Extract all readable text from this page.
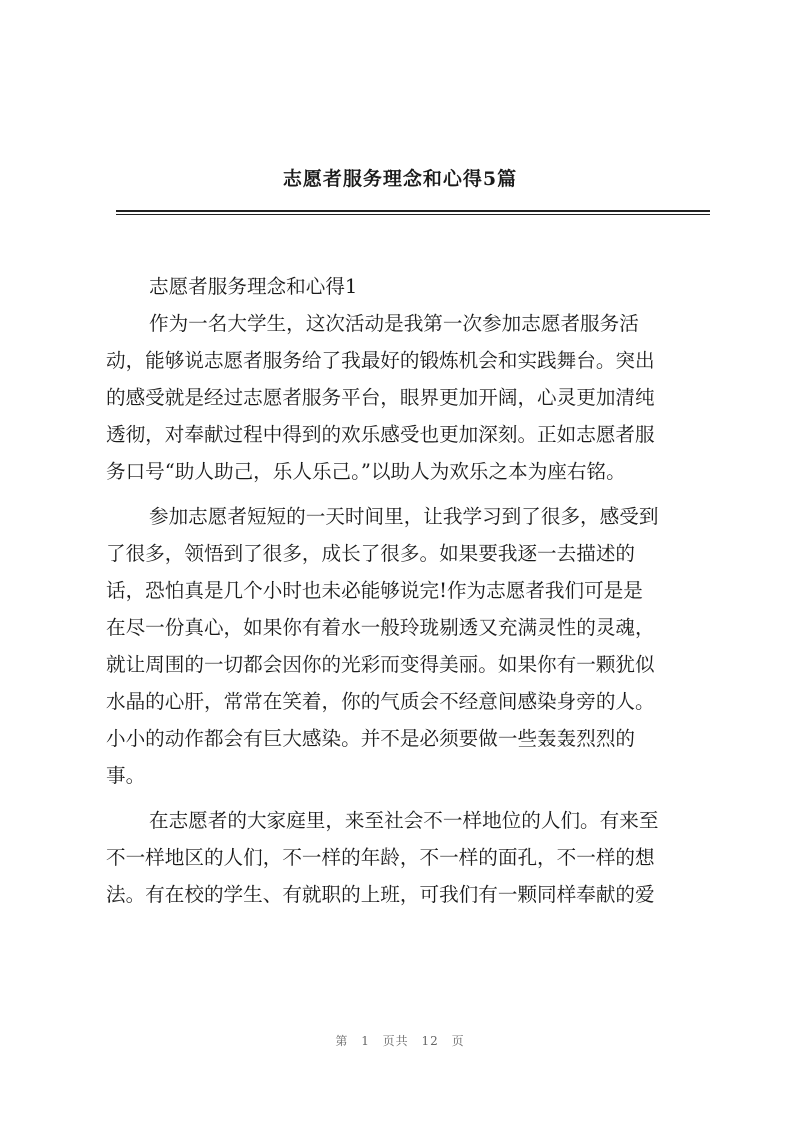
志愿者服务理念和心得5篇
志愿者服务理念和心得1
作为一名大学生，这次活动是我第一次参加志愿者服务活
动，能够说志愿者服务给了我最好的锻炼机会和实践舞台。突出
的感受就是经过志愿者服务平台，眼界更加开阔，心灵更加清纯
透彻，对奉献过程中得到的欢乐感受也更加深刻。正如志愿者服
务口号“助人助己，乐人乐己。”以助人为欢乐之本为座右铭。
参加志愿者短短的一天时间里，让我学习到了很多，感受到
了很多，领悟到了很多，成长了很多。如果要我逐一去描述的
话，恐怕真是几个小时也未必能够说完!作为志愿者我们可是是
在尽一份真心，如果你有着水一般玲珑剔透又充满灵性的灵魂，
就让周围的一切都会因你的光彩而变得美丽。如果你有一颗犹似
水晶的心肝，常常在笑着，你的气质会不经意间感染身旁的人。
小小的动作都会有巨大感染。并不是必须要做一些轰轰烈烈的
事。
在志愿者的大家庭里，来至社会不一样地位的人们。有来至
不一样地区的人们，不一样的年龄，不一样的面孔，不一样的想
法。有在校的学生、有就职的上班，可我们有一颗同样奉献的爱
第 1 页共 12 页
